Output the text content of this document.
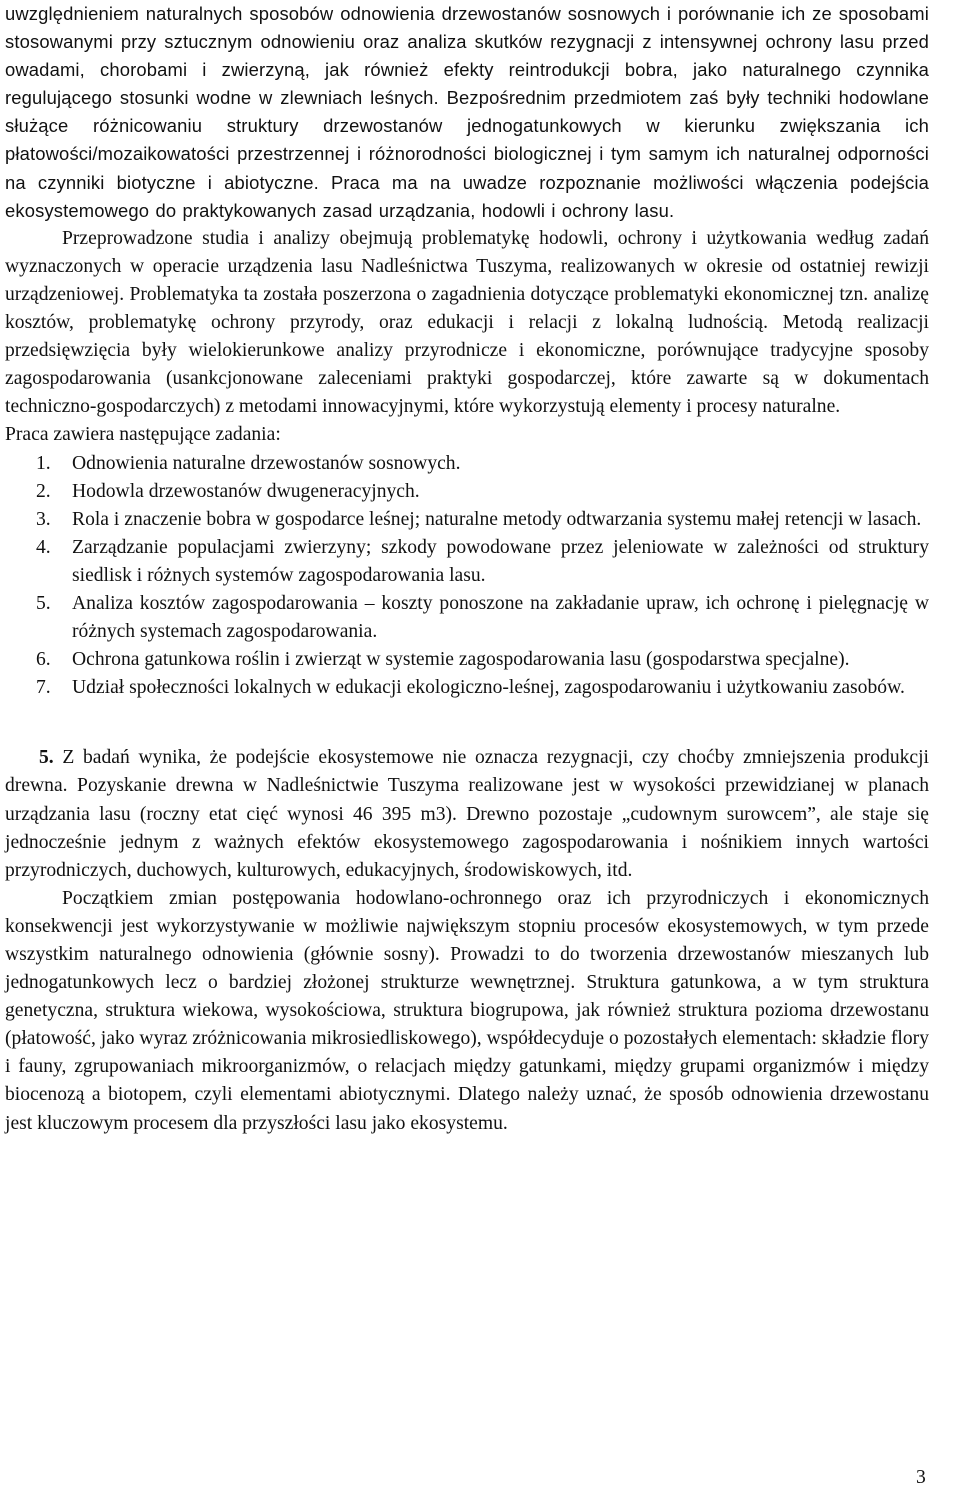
uwzględnieniem naturalnych sposobów odnowienia drzewostanów sosnowych i porównanie ich ze sposobami stosowanymi przy sztucznym odnowieniu oraz analiza skutków rezygnacji z intensywnej ochrony lasu przed owadami, chorobami i zwierzyną, jak również efekty reintrodukcji bobra, jako naturalnego czynnika regulującego stosunki wodne w zlewniach leśnych. Bezpośrednim przedmiotem zaś były techniki hodowlane służące różnicowaniu struktury drzewostanów jednogatunkowych w kierunku zwiększania ich płatowości/mozaikowatości przestrzennej i różnorodności biologicznej i tym samym ich naturalnej odporności na czynniki biotyczne i abiotyczne. Praca ma na uwadze rozpoznanie możliwości włączenia podejścia ekosystemowego do praktykowanych zasad urządzania, hodowli i ochrony lasu.

Przeprowadzone studia i analizy obejmują problematykę hodowli, ochrony i użytkowania według zadań wyznaczonych w operacie urządzenia lasu Nadleśnictwa Tuszyma, realizowanych w okresie od ostatniej rewizji urządzeniowej. Problematyka ta została poszerzona o zagadnienia dotyczące problematyki ekonomicznej tzn. analizę kosztów, problematykę ochrony przyrody, oraz edukacji i relacji z lokalną ludnością. Metodą realizacji przedsięwzięcia były wielokierunkowe analizy przyrodnicze i ekonomiczne, porównujące tradycyjne sposoby zagospodarowania (usankcjonowane zaleceniami praktyki gospodarczej, które zawarte są w dokumentach techniczno-gospodarczych) z metodami innowacyjnymi, które wykorzystują elementy i procesy naturalne.

Praca zawiera następujące zadania:

1.	Odnowienia naturalne drzewostanów sosnowych.
2.	Hodowla drzewostanów dwugeneracyjnych.
3.	Rola i znaczenie bobra w gospodarce leśnej; naturalne metody odtwarzania systemu małej retencji w lasach.
4.	Zarządzanie populacjami zwierzyny; szkody powodowane przez jeleniowate w zależności od struktury siedlisk i różnych systemów zagospodarowania lasu.
5.	Analiza kosztów zagospodarowania – koszty ponoszone na zakładanie upraw, ich ochronę i pielęgnację w różnych systemach zagospodarowania.
6.	Ochrona gatunkowa roślin i zwierząt w systemie zagospodarowania lasu (gospodarstwa specjalne).
7.	Udział społeczności lokalnych w edukacji ekologiczno-leśnej, zagospodarowaniu i użytkowaniu zasobów.

5. Z badań wynika, że podejście ekosystemowe nie oznacza rezygnacji, czy choćby zmniejszenia produkcji drewna. Pozyskanie drewna w Nadleśnictwie Tuszyma realizowane jest w wysokości przewidzianej w planach urządzania lasu (roczny etat cięć wynosi 46 395 m3). Drewno pozostaje „cudownym surowcem”, ale staje się jednocześnie jednym z ważnych efektów ekosystemowego zagospodarowania i nośnikiem innych wartości przyrodniczych, duchowych, kulturowych, edukacyjnych, środowiskowych, itd.

Początkiem zmian postępowania hodowlano-ochronnego oraz ich przyrodniczych i ekonomicznych konsekwencji jest wykorzystywanie w możliwie największym stopniu procesów ekosystemowych, w tym przede wszystkim naturalnego odnowienia (głównie sosny). Prowadzi to do tworzenia drzewostanów mieszanych lub jednogatunkowych lecz o bardziej złożonej strukturze wewnętrznej. Struktura gatunkowa, a w tym struktura genetyczna, struktura wiekowa, wysokościowa, struktura biogrupowa, jak również struktura pozioma drzewostanu (płatowość, jako wyraz zróżnicowania mikrosiedliskowego), współdecyduje o pozostałych elementach: składzie flory i fauny, zgrupowaniach mikroorganizmów, o relacjach między gatunkami, między grupami organizmów i między biocenozą a biotopem, czyli elementami abiotycznymi. Dlatego należy uznać, że sposób odnowienia drzewostanu jest kluczowym procesem dla przyszłości lasu jako ekosystemu.

3
